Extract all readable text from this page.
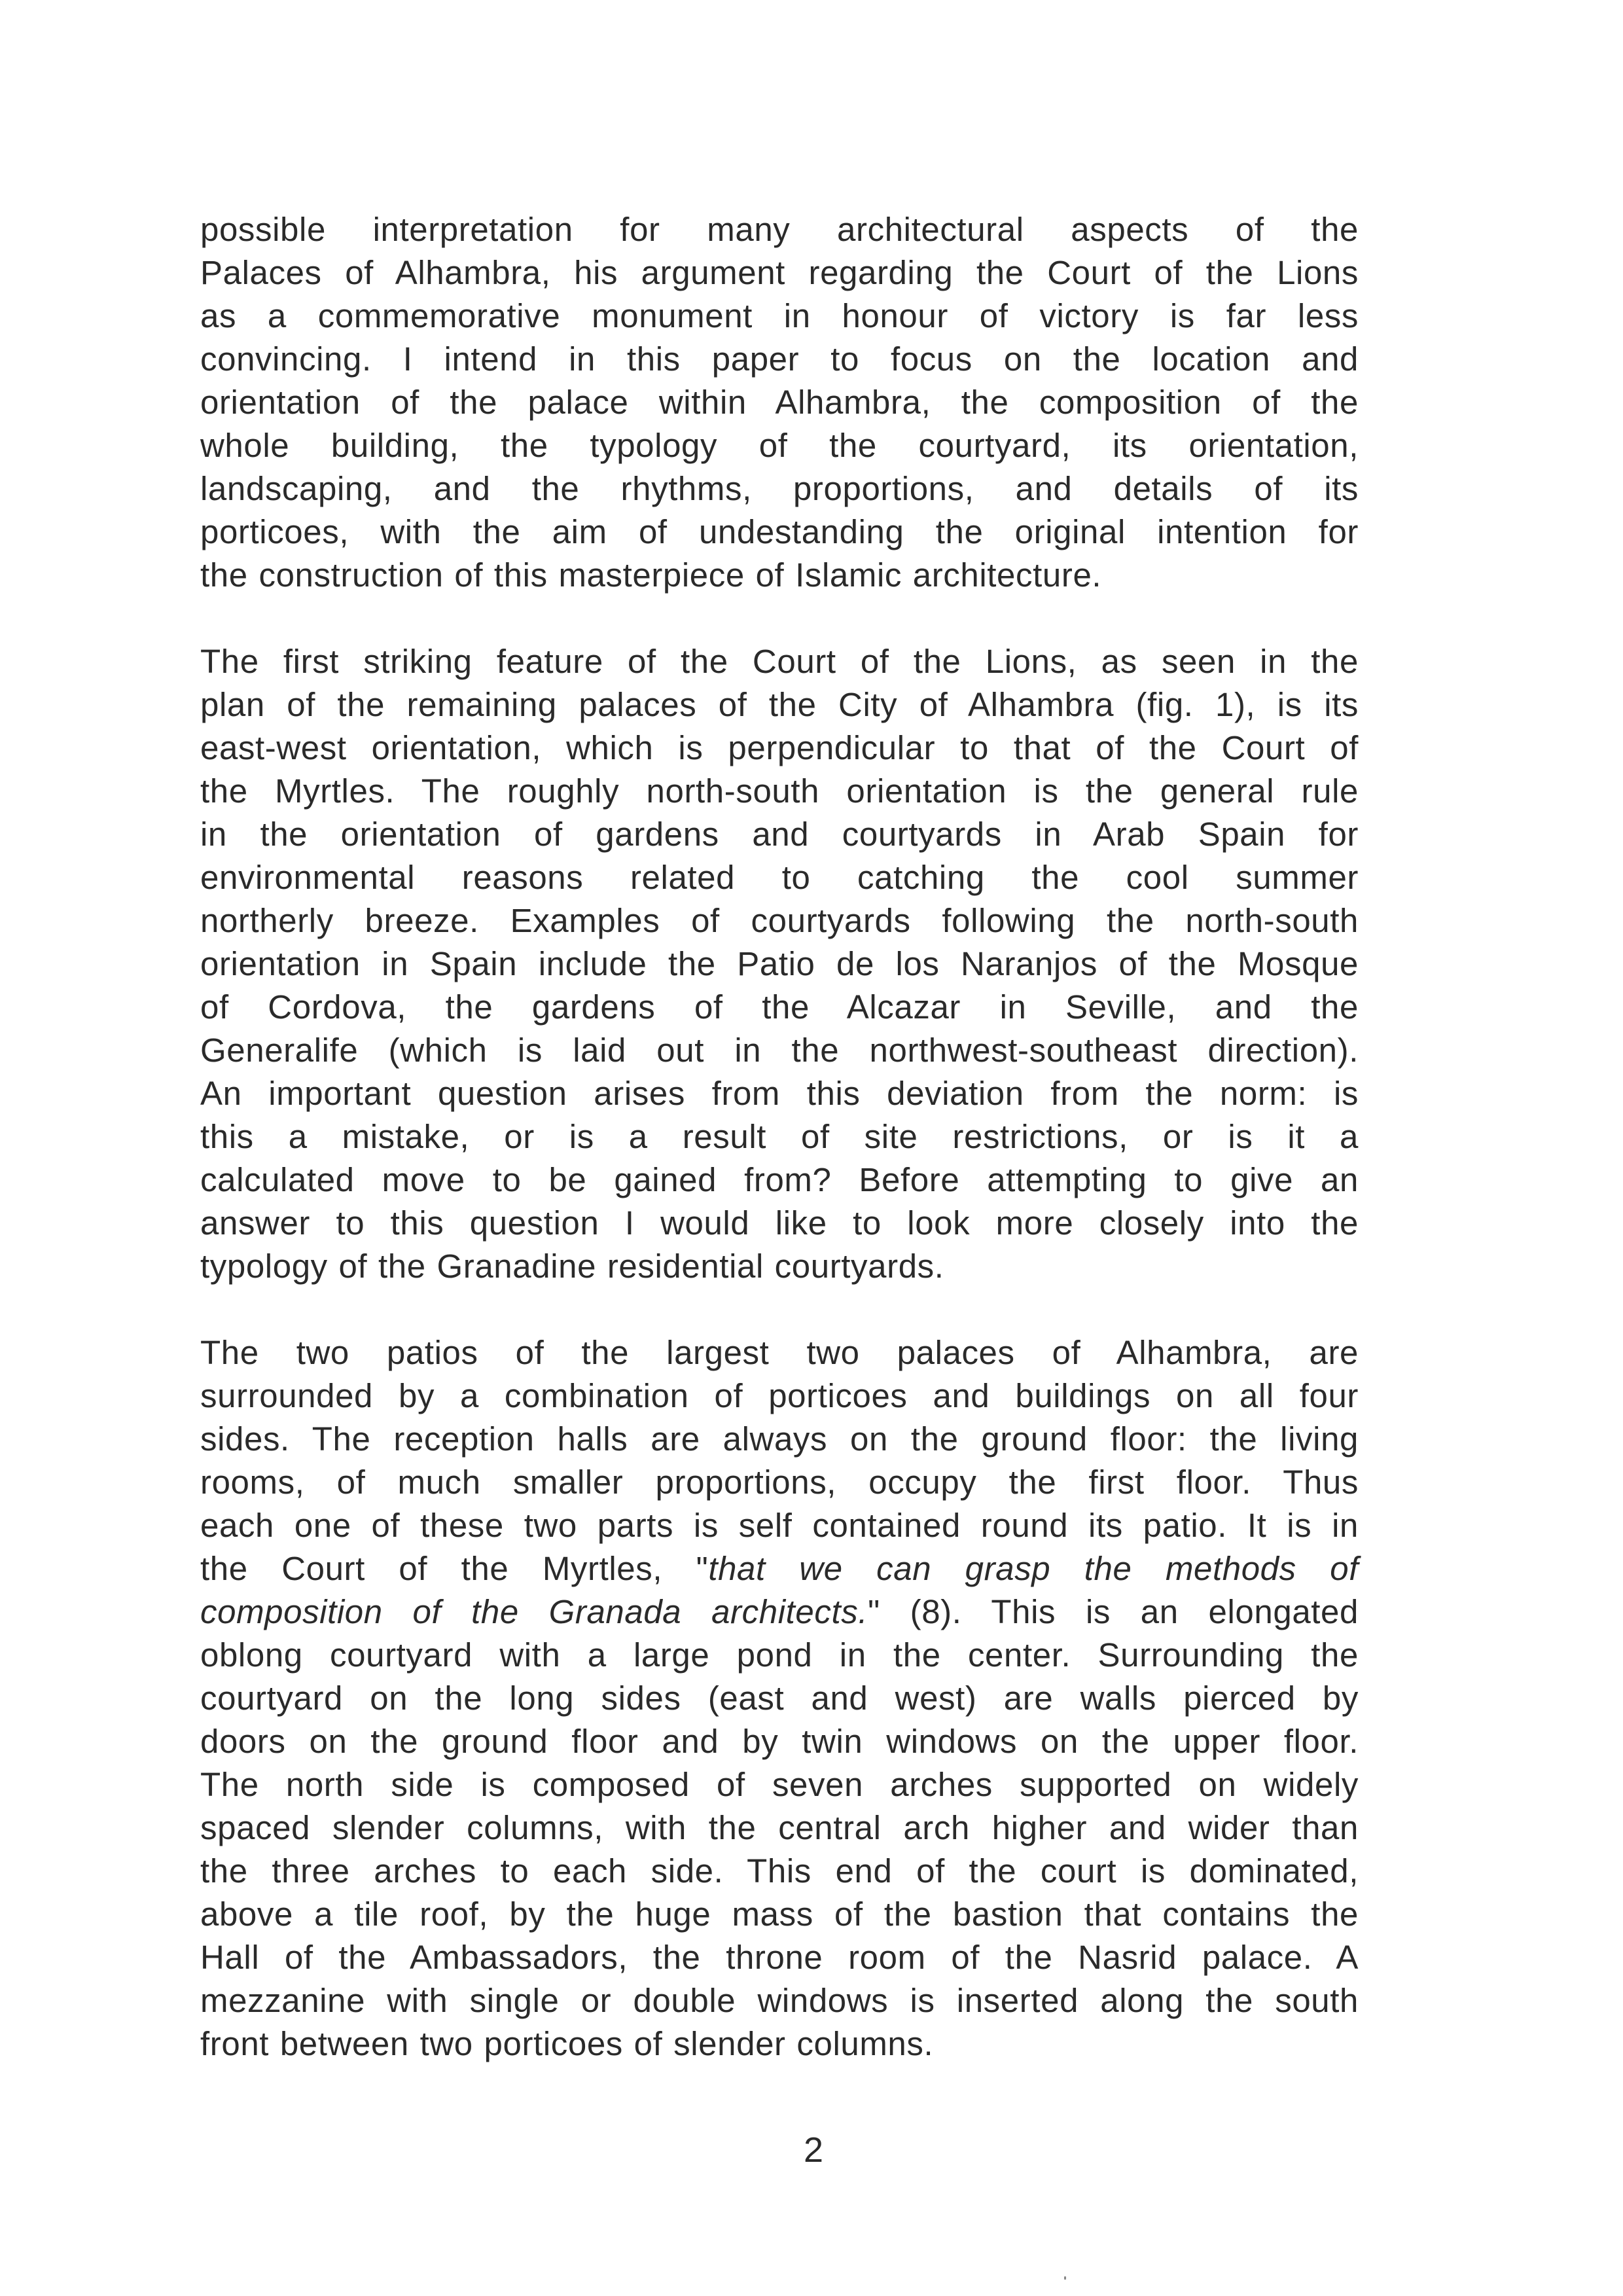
possible interpretation for many architectural aspects of the
Palaces of Alhambra, his argument regarding the Court of the Lions
as a commemorative monument in honour of victory is far less
convincing. I intend in this paper to focus on the location and
orientation of the palace within Alhambra, the composition of the
whole building, the typology of the courtyard, its orientation,
landscaping, and the rhythms, proportions, and details of its
porticoes, with the aim of undestanding the original intention for
the construction of this masterpiece of Islamic architecture.
The first striking feature of the Court of the Lions, as seen in the
plan of the remaining palaces of the City of Alhambra (fig. 1), is its
east-west orientation, which is perpendicular to that of the Court of
the Myrtles. The roughly north-south orientation is the general rule
in the orientation of gardens and courtyards in Arab Spain for
environmental reasons related to catching the cool summer
northerly breeze. Examples of courtyards following the north-south
orientation in Spain include the Patio de los Naranjos of the Mosque
of Cordova, the gardens of the Alcazar in Seville, and the
Generalife (which is laid out in the northwest-southeast direction).
An important question arises from this deviation from the norm: is
this a mistake, or is a result of site restrictions, or is it a
calculated move to be gained from? Before attempting to give an
answer to this question I would like to look more closely into the
typology of the Granadine residential courtyards.
The two patios of the largest two palaces of Alhambra, are
surrounded by a combination of porticoes and buildings on all four
sides. The reception halls are always on the ground floor: the living
rooms, of much smaller proportions, occupy the first floor. Thus
each one of these two parts is self contained round its patio. It is in
the Court of the Myrtles, "that we can grasp the methods of
composition of the Granada architects." (8). This is an elongated
oblong courtyard with a large pond in the center. Surrounding the
courtyard on the long sides (east and west) are walls pierced by
doors on the ground floor and by twin windows on the upper floor.
The north side is composed of seven arches supported on widely
spaced slender columns, with the central arch higher and wider than
the three arches to each side. This end of the court is dominated,
above a tile roof, by the huge mass of the bastion that contains the
Hall of the Ambassadors, the throne room of the Nasrid palace. A
mezzanine with single or double windows is inserted along the south
front between two porticoes of slender columns.
2
